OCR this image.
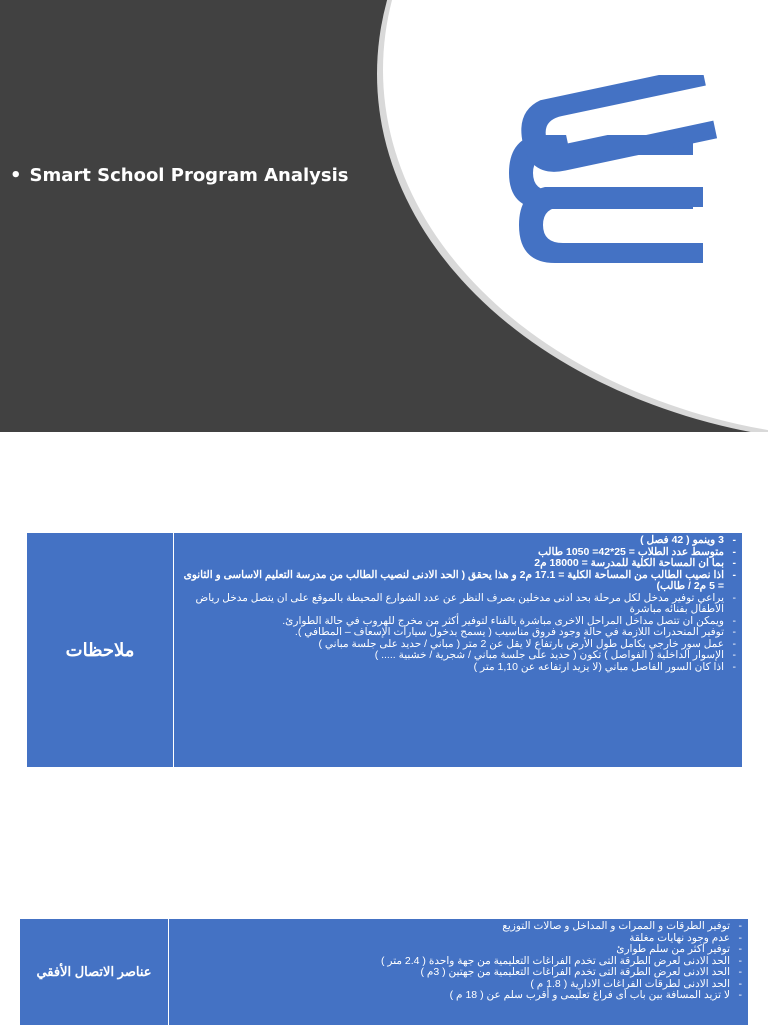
• Smart School Program Analysis
ملاحظات
- 3 وينمو ( 42 فصل )
- متوسط عدد الطلاب = 25*42= 1050 طالب
- بما ان المساحة الكلية للمدرسة = 18000 م2
- اذا نصيب الطالب من المساحة الكلية = 17.1 م2 و هذا يحقق ( الحد الادنى لنصيب الطالب من مدرسة التعليم الاساسى و الثانوى = 5 م2 / طالب)
- يراعي توفير مدخل لكل مرحلة بحد ادنى مدخلين بصرف النظر عن عدد الشوارع المحيطة بالموقع على ان يتصل مدخل رياض الاطفال بفنائه مباشرة
- ويمكن ان تتصل مداخل المراحل الاخرى مباشرة بالفناء لتوفير أكثر من مخرج للهروب في حالة الطوارئ.
- توفير المنحدرات اللازمة في حالة وجود فروق مناسيب ( يسمح بدخول سيارات الإسعاف – المطافي ).
- عمل سور خارجي بكامل طول الأرض بارتفاع لا يقل عن 2 متر ( مباني / حديد على جلسة مباني )
- الإسوار الداخلية ( الفواصل ) تكون ( حديد على جلسة مباني / شجرية / خشبية ..... )
- اذا كان السور الفاصل مباني (لا يزيد ارتفاعه عن 1,10 متر )
عناصر الاتصال الأفقي
- توفير الطرقات و الممرات و المداخل و صالات التوزيع
- عدم وجود نهايات مغلقة
- توفير اكثر من سلم طوارئ
- الحد الادنى لعرض الطرقة التى تخدم الفراغات التعليمية من جهة واحدة ( 2.4 متر )
- الحد الادنى لعرض الطرقة التى تخدم الفراغات التعليمية من جهتين ( 3م )
- الحد الادنى لطرقات الفراغات الادارية ( 1.8 م )
- لا تزيد المسافة بين باب اى فراغ تعليمى و أقرب سلم عن ( 18 م )
